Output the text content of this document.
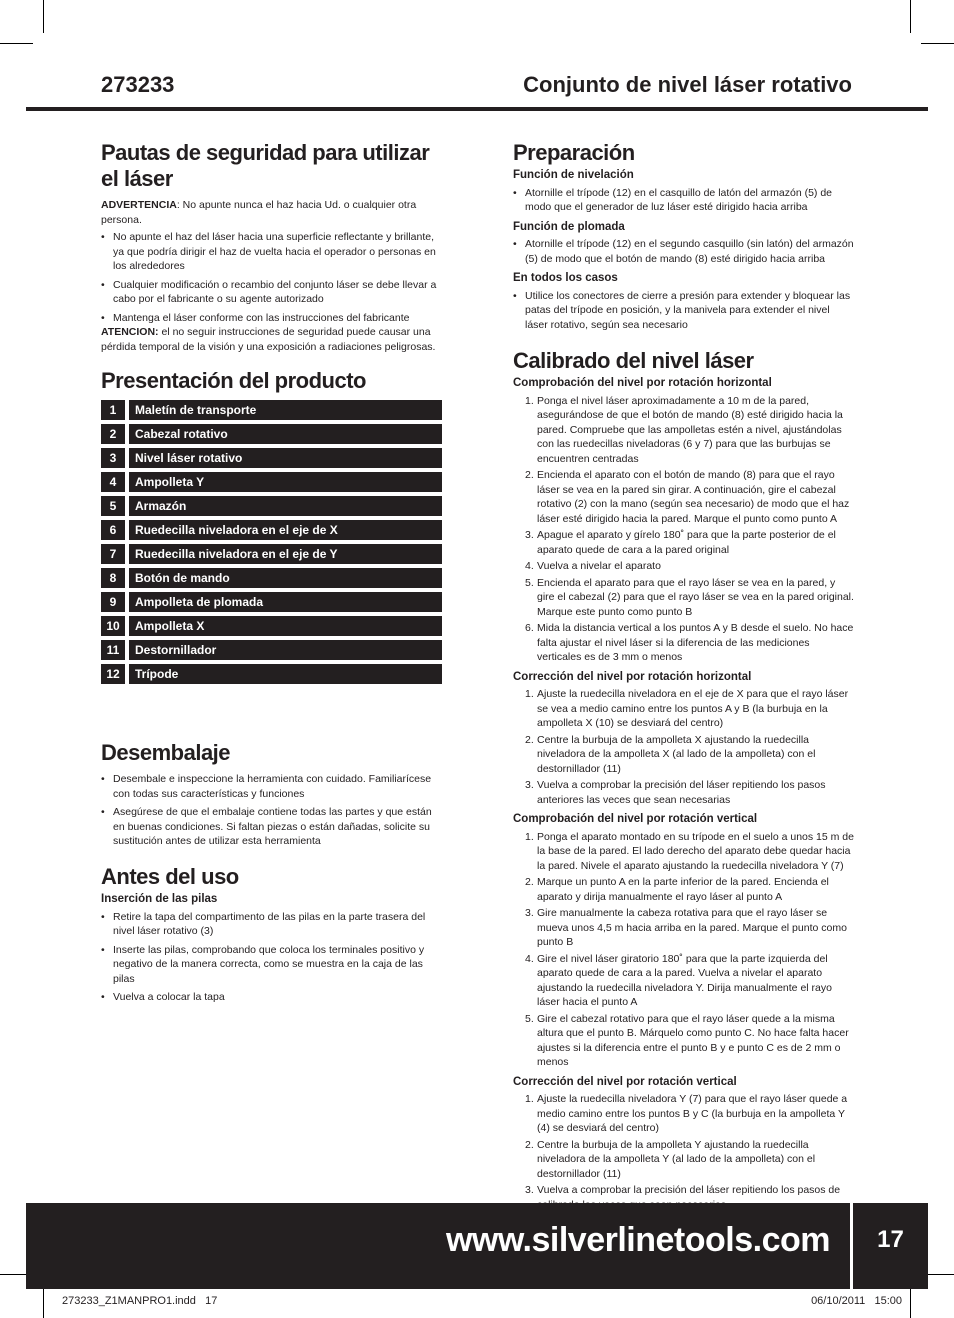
273233	Conjunto de nivel láser rotativo
Pautas de seguridad para utilizar el láser

ADVERTENCIA: No apunte nunca el haz hacia Ud. o cualquier otra persona.

• No apunte el haz del láser hacia una superficie reflectante y brillante, ya que podría dirigir el haz de vuelta hacia el operador o personas en los alrededores
• Cualquier modificación o recambio del conjunto láser se debe llevar a cabo por el fabricante o su agente autorizado
• Mantenga el láser conforme con las instrucciones del fabricante

ATENCION: el no seguir instrucciones de seguridad puede causar una pérdida temporal de la visión y una exposición a radiaciones peligrosas.

Presentación del producto
1		Maletín de transporte
2		Cabezal rotativo
3		Nivel láser rotativo
4		Ampolleta Y
5		Armazón
6		Ruedecilla niveladora en el eje de X
7		Ruedecilla niveladora en el eje de Y
8		Botón de mando
9		Ampolleta de plomada
10		Ampolleta X
11		Destornillador
12		Trípode
Desembalaje
• Desembale e inspeccione la herramienta con cuidado. Familiarícese con todas sus características y funciones
• Asegúrese de que el embalaje contiene todas las partes y que están en buenas condiciones. Si faltan piezas o están dañadas, solicite su sustitución antes de utilizar esta herramienta
Antes del uso
Inserción de las pilas
• Retire la tapa del compartimento de las pilas en la parte trasera del nivel láser rotativo (3)
• Inserte las pilas, comprobando que coloca los terminales positivo y negativo de la manera correcta, como se muestra en la caja de las pilas
• Vuelva a colocar la tapa
Preparación
Función de nivelación
• Atornille el trípode (12) en el casquillo de latón del armazón (5) de modo que el generador de luz láser esté dirigido hacia arriba
Función de plomada
• Atornille el trípode (12) en el segundo casquillo (sin latón) del armazón (5) de modo que el botón de mando (8) esté dirigido hacia arriba
En todos los casos
• Utilice los conectores de cierre a presión para extender y bloquear las patas del trípode en posición, y la manivela para extender el nivel láser rotativo, según sea necesario
Calibrado del nivel láser
Comprobación del nivel por rotación horizontal
1. Ponga el nivel láser aproximadamente a 10 m de la pared, asegurándose de que el botón de mando (8) esté dirigido hacia la pared. Compruebe que las ampolletas estén a nivel, ajustándolas con las ruedecillas niveladoras (6 y 7) para que las burbujas se encuentren centradas
2. Encienda el aparato con el botón de mando (8) para que el rayo láser se vea en la pared sin girar. A continuación, gire el cabezal rotativo (2) con la mano (según sea necesario) de modo que el haz láser esté dirigido hacia la pared. Marque el punto como punto A
3. Apague el aparato y gírelo 180˚ para que la parte posterior de el aparato quede de cara a la pared original
4. Vuelva a nivelar el aparato
5. Encienda el aparato para que el rayo láser se vea en la pared, y gire el cabezal (2) para que el rayo láser se vea en la pared original. Marque este punto como punto B
6. Mida la distancia vertical a los puntos A y B desde el suelo. No hace falta ajustar el nivel láser si la diferencia de las mediciones verticales es de 3 mm o menos
Corrección del nivel por rotación horizontal
1. Ajuste la ruedecilla niveladora en el eje de X para que el rayo láser se vea a medio camino entre los puntos A y B (la burbuja en la ampolleta X (10) se desviará del centro)
2. Centre la burbuja de la ampolleta X ajustando la ruedecilla niveladora de la ampolleta X (al lado de la ampolleta) con el destornillador (11)
3. Vuelva a comprobar la precisión del láser repitiendo los pasos anteriores las veces que sean necesarias
Comprobación del nivel por rotación vertical
1. Ponga el aparato montado en su trípode en el suelo a unos 15 m de la base de la pared. El lado derecho del aparato debe quedar hacia la pared. Nivele el aparato ajustando la ruedecilla niveladora Y (7)
2. Marque un punto A en la parte inferior de la pared. Encienda el aparato y dirija manualmente el rayo láser al punto A
3. Gire manualmente la cabeza rotativa para que el rayo láser se mueva unos 4,5 m hacia arriba en la pared. Marque el punto como punto B
4. Gire el nivel láser giratorio 180˚ para que la parte izquierda del aparato quede de cara a la pared. Vuelva a nivelar el aparato ajustando la ruedecilla niveladora Y. Dirija manualmente el rayo láser hacia el punto A
5. Gire el cabezal rotativo para que el rayo láser quede a la misma altura que el punto B. Márquelo como punto C. No hace falta hacer ajustes si la diferencia entre el punto B y e punto C es de 2 mm o menos
Corrección del nivel por rotación vertical
1. Ajuste la ruedecilla niveladora Y (7) para que el rayo láser quede a medio camino entre los puntos B y C (la burbuja en la ampolleta Y (4) se desviará del centro)
2. Centre la burbuja de la ampolleta Y ajustando la ruedecilla niveladora de la ampolleta Y (al lado de la ampolleta) con el destornillador (11)
3. Vuelva a comprobar la precisión del láser repitiendo los pasos de
www.silverlinetools.com	17
273233_Z1MANPRO1.indd   17	06/10/2011   15:00
